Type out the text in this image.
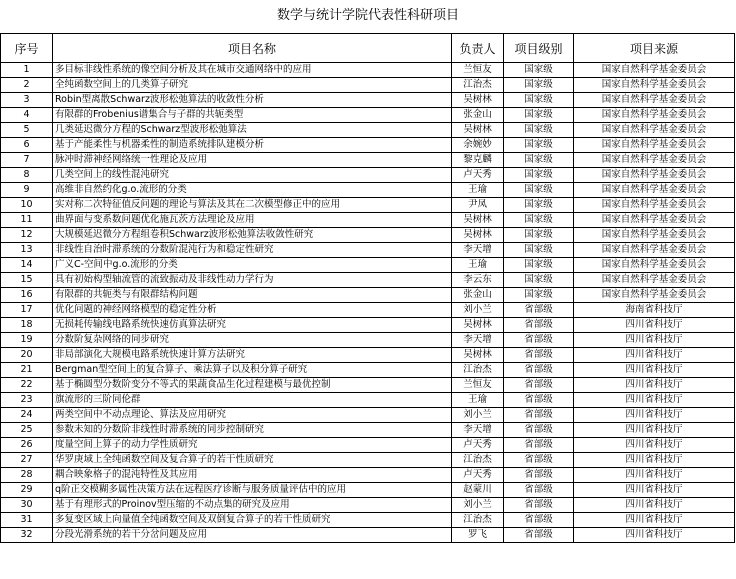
数学与统计学院代表性科研项目
序号	项目名称	负责人	项目级别	项目来源
1	多目标非线性系统的像空间分析及其在城市交通网络中的应用	兰恒友	国家级	国家自然科学基金委员会
2	全纯函数空间上的几类算子研究	江治杰	国家级	国家自然科学基金委员会
3	Robin型离散Schwarz波形松弛算法的收敛性分析	吴树林	国家级	国家自然科学基金委员会
4	有限群的Frobenius谱集合与子群的共轭类型	张金山	国家级	国家自然科学基金委员会
5	几类延迟微分方程的Schwarz型波形松弛算法	吴树林	国家级	国家自然科学基金委员会
6	基于产能柔性与机器柔性的制造系统排队建模分析	余婉妙	国家级	国家自然科学基金委员会
7	脉冲时滞神经网络统一性理论及应用	黎克麟	国家级	国家自然科学基金委员会
8	几类空间上的线性混沌研究	卢天秀	国家级	国家自然科学基金委员会
9	高维非自然约化g.o.流形的分类	王瑜	国家级	国家自然科学基金委员会
10	实对称二次特征值反问题的理论与算法及其在二次模型修正中的应用	尹凤	国家级	国家自然科学基金委员会
11	曲界面与变系数问题优化施瓦茨方法理论及应用	吴树林	国家级	国家自然科学基金委员会
12	大规模延迟微分方程组卷积Schwarz波形松弛算法收敛性研究	吴树林	国家级	国家自然科学基金委员会
13	非线性自治时滞系统的分数阶混沌行为和稳定性研究	李天增	国家级	国家自然科学基金委员会
14	广义C-空间中g.o.流形的分类	王瑜	国家级	国家自然科学基金委员会
15	具有初始构型轴流管的流致振动及非线性动力学行为	李云东	国家级	国家自然科学基金委员会
16	有限群的共轭类与有限群结构问题	张金山	国家级	国家自然科学基金委员会
17	优化问题的神经网络模型的稳定性分析	刘小兰	省部级	海南省科技厅
18	无损耗传输线电路系统快速仿真算法研究	吴树林	省部级	四川省科技厅
19	分数阶复杂网络的同步研究	李天增	省部级	四川省科技厅
20	非局部演化大规模电路系统快速计算方法研究	吴树林	省部级	四川省科技厅
21	Bergman型空间上的复合算子、乘法算子以及积分算子研究	江治杰	省部级	四川省科技厅
22	基于椭圆型分数阶变分不等式的果蔬食品生化过程建模与最优控制	兰恒友	省部级	四川省科技厅
23	旗流形的三阶同伦群	王瑜	省部级	四川省科技厅
24	两类空间中不动点理论、算法及应用研究	刘小兰	省部级	四川省科技厅
25	参数未知的分数阶非线性时滞系统的同步控制研究	李天增	省部级	四川省科技厅
26	度量空间上算子的动力学性质研究	卢天秀	省部级	四川省科技厅
27	华罗庚域上全纯函数空间及复合算子的若干性质研究	江治杰	省部级	四川省科技厅
28	耦合映象格子的混沌特性及其应用	卢天秀	省部级	四川省科技厅
29	q阶正交模糊多属性决策方法在远程医疗诊断与服务质量评估中的应用	赵蒙川	省部级	四川省科技厅
30	基于有理形式的Proinov型压缩的不动点集的研究及应用	刘小兰	省部级	四川省科技厅
31	多复变区域上向量值全纯函数空间及双倒复合算子的若干性质研究	江治杰	省部级	四川省科技厅
32	分段光滑系统的若干分岔问题及应用	罗飞	省部级	四川省科技厅
